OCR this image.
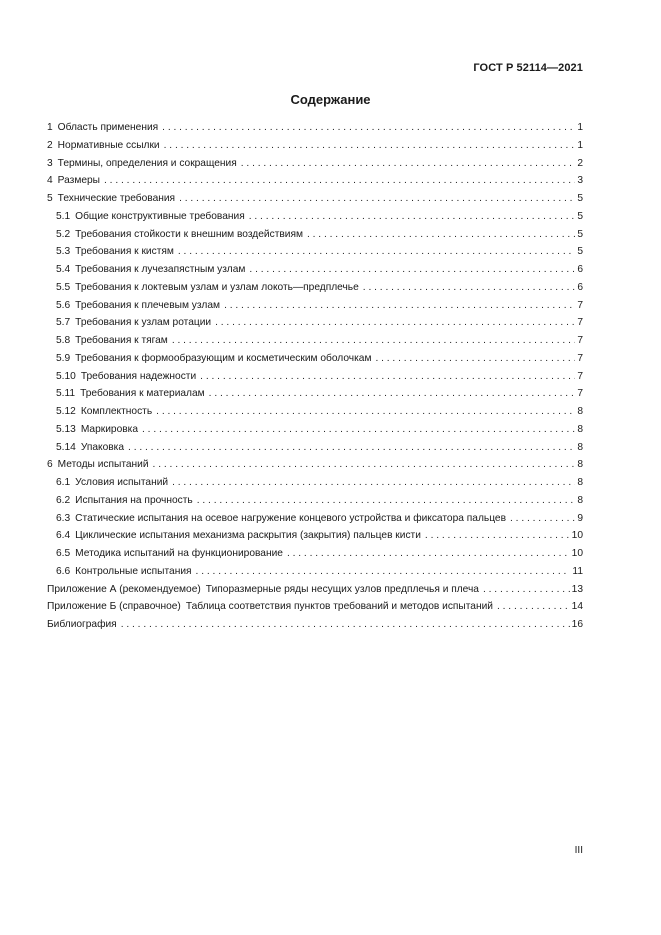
ГОСТ Р 52114—2021
Содержание
1 Область применения . . .	1
2 Нормативные ссылки . . .	1
3 Термины, определения и сокращения . . .	2
4 Размеры . . .	3
5 Технические требования . . .	5
5.1 Общие конструктивные требования . . .	5
5.2 Требования стойкости к внешним воздействиям . . .	5
5.3 Требования к кистям . . .	5
5.4 Требования к лучезапястным узлам . . .	6
5.5 Требования к локтевым узлам и узлам локоть—предплечье . . .	6
5.6 Требования к плечевым узлам . . .	7
5.7 Требования к узлам ротации . . .	7
5.8 Требования к тягам . . .	7
5.9 Требования к формообразующим и косметическим оболочкам . . .	7
5.10 Требования надежности . . .	7
5.11 Требования к материалам . . .	7
5.12 Комплектность . . .	8
5.13 Маркировка . . .	8
5.14 Упаковка . . .	8
6 Методы испытаний . . .	8
6.1 Условия испытаний . . .	8
6.2 Испытания на прочность . . .	8
6.3 Статические испытания на осевое нагружение концевого устройства и фиксатора пальцев . . .	9
6.4 Циклические испытания механизма раскрытия (закрытия) пальцев кисти . . .	10
6.5 Методика испытаний на функционирование . . .	10
6.6 Контрольные испытания . . .	11
Приложение А (рекомендуемое) Типоразмерные ряды несущих узлов предплечья и плеча . . .	13
Приложение Б (справочное) Таблица соответствия пунктов требований и методов испытаний . . .	14
Библиография . . .	16
III
